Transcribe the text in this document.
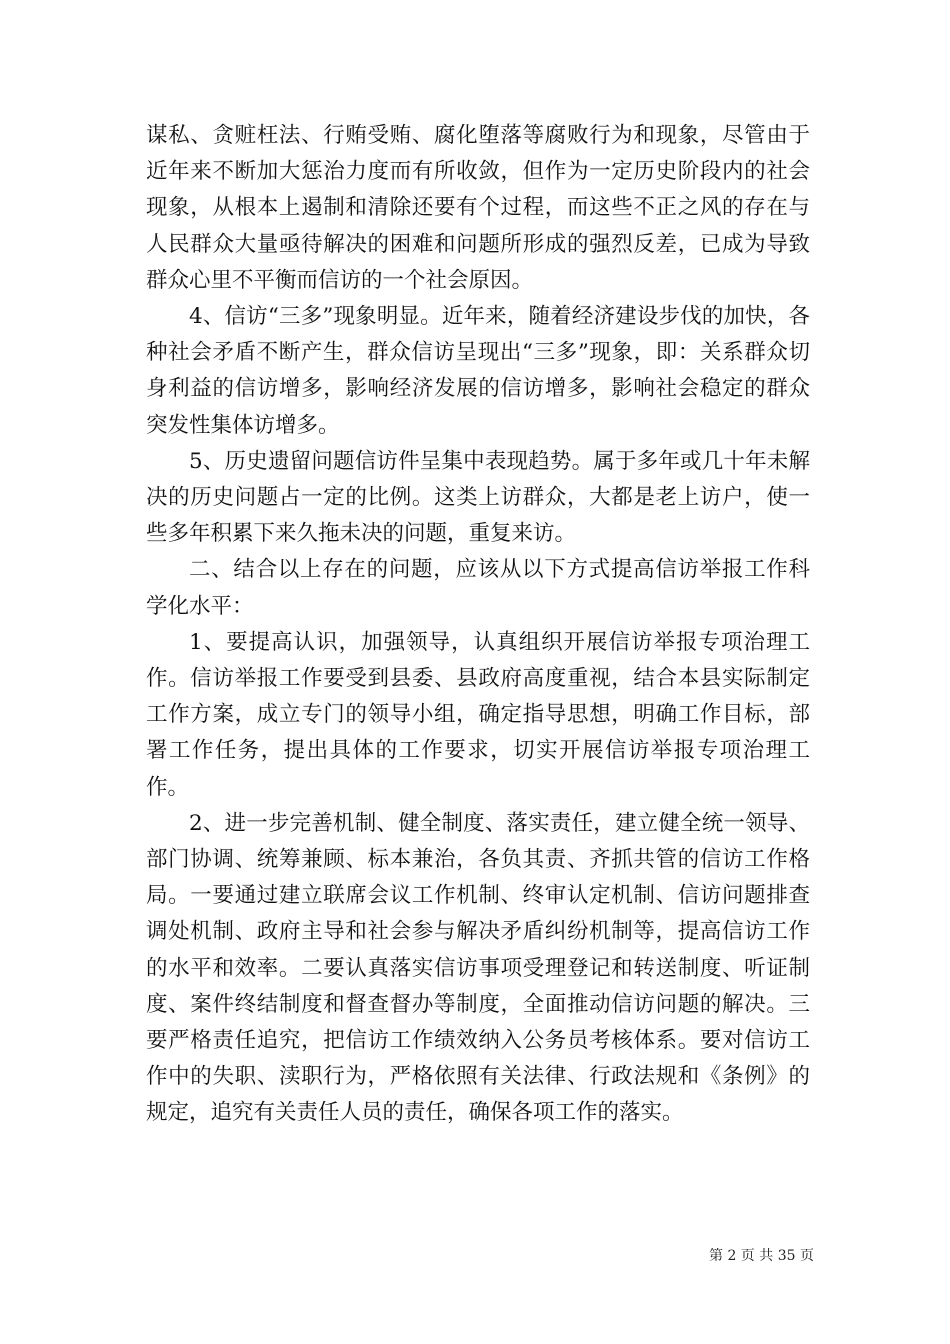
谋私、贪赃枉法、行贿受贿、腐化堕落等腐败行为和现象，尽管由于近年来不断加大惩治力度而有所收敛，但作为一定历史阶段内的社会现象，从根本上遏制和清除还要有个过程，而这些不正之风的存在与人民群众大量亟待解决的困难和问题所形成的强烈反差，已成为导致群众心里不平衡而信访的一个社会原因。

4、信访“三多”现象明显。近年来，随着经济建设步伐的加快，各种社会矛盾不断产生，群众信访呈现出“三多”现象，即：关系群众切身利益的信访增多，影响经济发展的信访增多，影响社会稳定的群众突发性集体访增多。

5、历史遗留问题信访件呈集中表现趋势。属于多年或几十年未解决的历史问题占一定的比例。这类上访群众，大都是老上访户，使一些多年积累下来久拖未决的问题，重复来访。

二、结合以上存在的问题，应该从以下方式提高信访举报工作科学化水平：

1、要提高认识，加强领导，认真组织开展信访举报专项治理工作。信访举报工作要受到县委、县政府高度重视，结合本县实际制定工作方案，成立专门的领导小组，确定指导思想，明确工作目标，部署工作任务，提出具体的工作要求，切实开展信访举报专项治理工作。

2、进一步完善机制、健全制度、落实责任，建立健全统一领导、部门协调、统筹兼顾、标本兼治，各负其责、齐抓共管的信访工作格局。一要通过建立联席会议工作机制、终审认定机制、信访问题排查调处机制、政府主导和社会参与解决矛盾纠纷机制等，提高信访工作的水平和效率。二要认真落实信访事项受理登记和转送制度、听证制度、案件终结制度和督查督办等制度，全面推动信访问题的解决。三要严格责任追究，把信访工作绩效纳入公务员考核体系。要对信访工作中的失职、渎职行为，严格依照有关法律、行政法规和《条例》的规定，追究有关责任人员的责任，确保各项工作的落实。

第 2 页 共 35 页
